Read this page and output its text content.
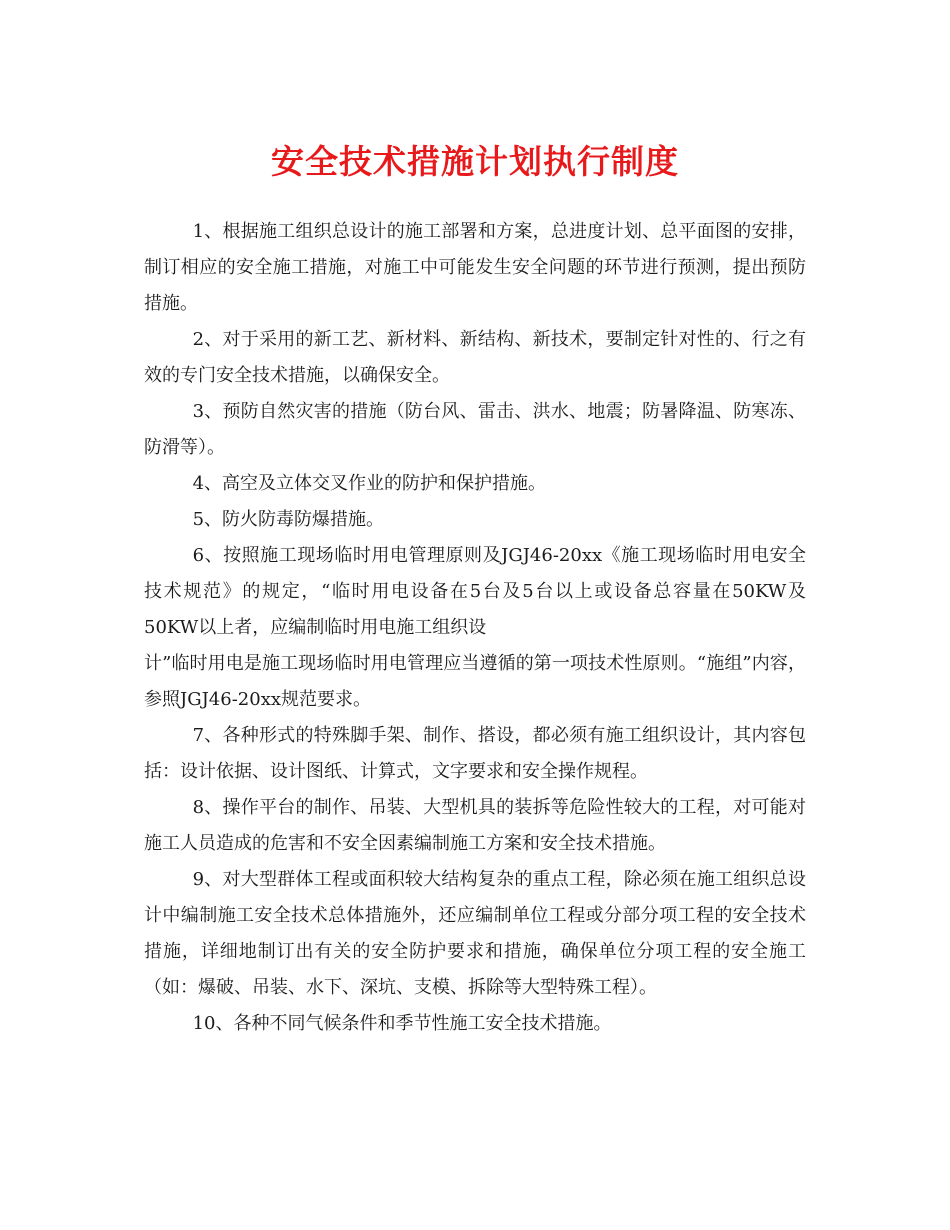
安全技术措施计划执行制度

1、根据施工组织总设计的施工部署和方案，总进度计划、总平面图的安排，制订相应的安全施工措施，对施工中可能发生安全问题的环节进行预测，提出预防措施。

2、对于采用的新工艺、新材料、新结构、新技术，要制定针对性的、行之有效的专门安全技术措施，以确保安全。

3、预防自然灾害的措施（防台风、雷击、洪水、地震；防暑降温、防寒冻、防滑等）。

4、高空及立体交叉作业的防护和保护措施。

5、防火防毒防爆措施。

6、按照施工现场临时用电管理原则及JGJ46-20xx《施工现场临时用电安全技术规范》的规定，“临时用电设备在5台及5台以上或设备总容量在50KW及50KW以上者，应编制临时用电施工组织设
计”临时用电是施工现场临时用电管理应当遵循的第一项技术性原则。“施组”内容，参照JGJ46-20xx规范要求。

7、各种形式的特殊脚手架、制作、搭设，都必须有施工组织设计，其内容包括：设计依据、设计图纸、计算式，文字要求和安全操作规程。

8、操作平台的制作、吊装、大型机具的装拆等危险性较大的工程，对可能对施工人员造成的危害和不安全因素编制施工方案和安全技术措施。

9、对大型群体工程或面积较大结构复杂的重点工程，除必须在施工组织总设计中编制施工安全技术总体措施外，还应编制单位工程或分部分项工程的安全技术措施，详细地制订出有关的安全防护要求和措施，确保单位分项工程的安全施工（如：爆破、吊装、水下、深坑、支模、拆除等大型特殊工程）。

10、各种不同气候条件和季节性施工安全技术措施。
